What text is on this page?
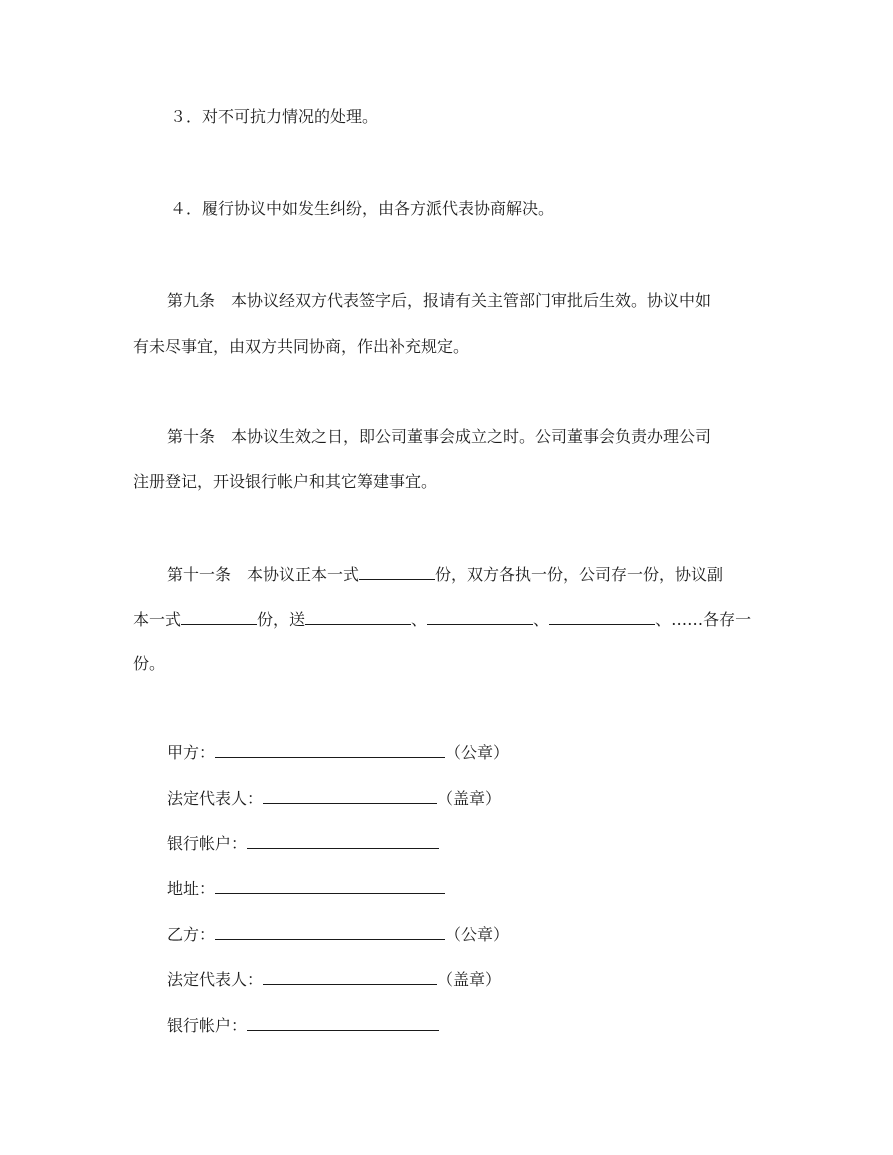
３．对不可抗力情况的处理。
４．履行协议中如发生纠纷，由各方派代表协商解决。
第九条 本协议经双方代表签字后，报请有关主管部门审批后生效。协议中如
有未尽事宜，由双方共同协商，作出补充规定。
第十条 本协议生效之日，即公司董事会成立之时。公司董事会负责办理公司
注册登记，开设银行帐户和其它筹建事宜。
第十一条 本协议正本一式	份，双方各执一份，公司存一份，协议副
本一式	份，送	、	、	、……各存一
份。
甲方：	（公章）
法定代表人：	（盖章）
银行帐户：
地址：
乙方：	（公章）
法定代表人：	（盖章）
银行帐户：
